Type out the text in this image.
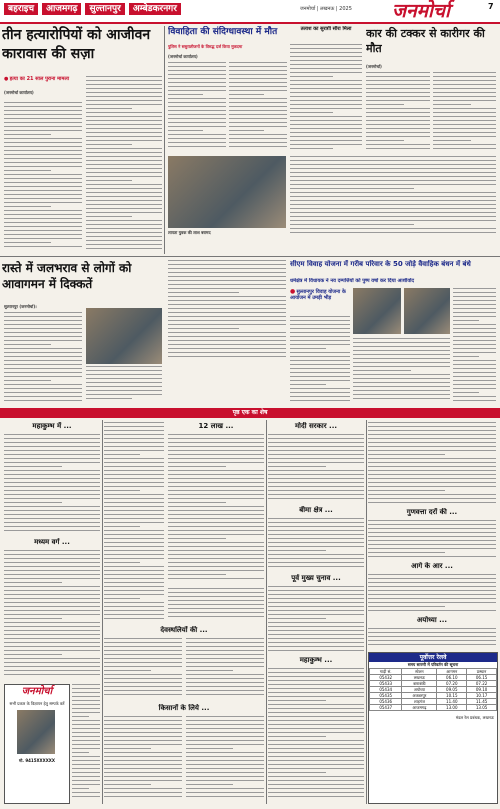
बहराइच	आजमगढ़	सुल्तानपुर	अम्बेडकरनगर	जनमोर्चा | लखनऊ | 2025 जनमोर्चा	7
तीन हत्यारोपियों को आजीवन कारावास की सज़ा
● हत्या का 21 साल पुराना मामला
(जनमोर्चा कार्यालय)
विवाहिता की संदिग्धावस्था में मौत
पुलिस ने ससुरालीजनों के विरुद्ध दर्ज किया मुकदमा
(जनमोर्चा कार्यालय)
तलाश का सुराग़ी सीरा मिला	कार की टक्कर से कारीगर की मौत
(जनमोर्चा)
लापता युवक की लाश बरामद
रास्ते में जलभराव से लोगों को आवागमन में दिक्कतें
सुल्तानपुर (जनमोर्चा)।
सीएम विवाह योजना में गरीब परिवार के 50 जोड़े वैवाहिक बंधन में बंधे
धर्मक्षेत्र में विधायक ने नव दम्पत्तियों को पुष्प वर्षा कर दिया आशीर्वाद
● सुल्तानपुर विवाह योजना के आयोजन में उमड़ी भीड़
पृष्ठ एक का शेष
महाकुम्भ में ...
मध्यम वर्ग ...
जनमोर्चा
सभी प्रकार के विज्ञापन हेतु सम्पर्क करें
मो. 9415XXXXXX
12 लाख ...
देवस्थलियों की ...
किसानों के लिये ...
मोदी सरकार ...
बीमा क्षेत्र ...
पूर्व मुख्य चुनाव ...
महाकुम्भ ...
गुणवत्ता दरों की ...
आगे के आर ...
अयोध्या ...
पूर्वोत्तर रेलवे
समय सारणी में परिवर्तन की सूचना
गाड़ी सं.	स्टेशन	आगमन	प्रस्थान
05432	लखनऊ	06.10	06.15
05433	बाराबंकी	07.20	07.22
05434	अयोध्या	09.05	09.10
05435	अकबरपुर	10.15	10.17
05436	शाहगंज	11.40	11.45
05437	आजमगढ़	13.00	13.05
मंडल रेल प्रबंधक, लखनऊ
